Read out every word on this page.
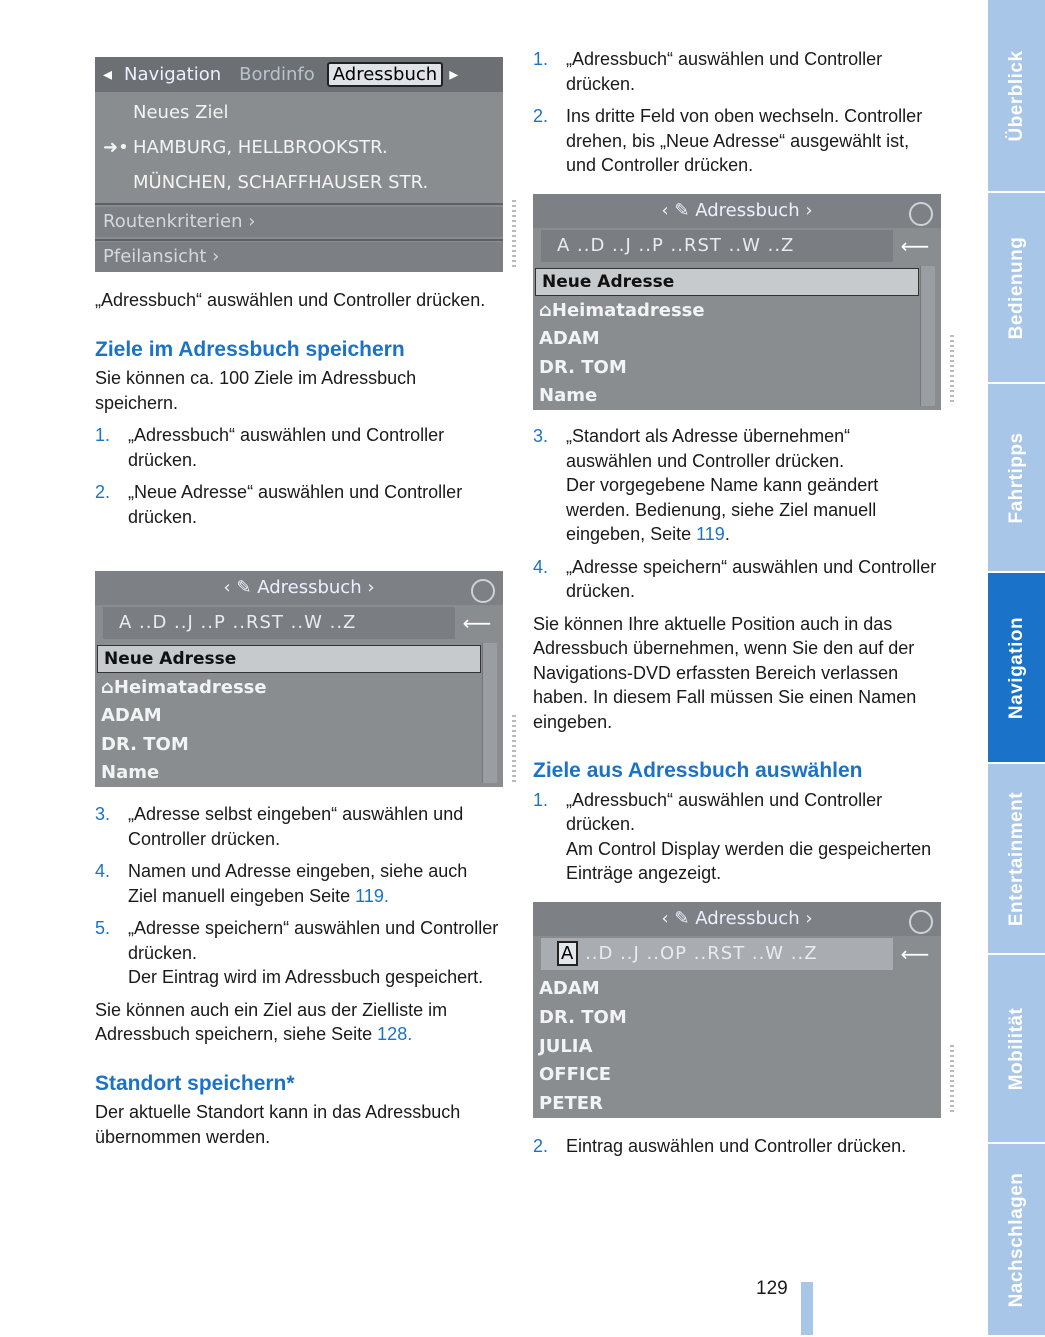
◂ Navigation	Bordinfo	Adressbuch ▸
Neues Ziel
➜• HAMBURG, HELLBROOKSTR.
MÜNCHEN, SCHAFFHAUSER STR.
Routenkriterien ›
Pfeilansicht ›

„Adressbuch“ auswählen und Controller drücken.

Ziele im Adressbuch speichern

Sie können ca. 100 Ziele im Adressbuch speichern.

1. „Adressbuch“ auswählen und Controller drücken.
2. „Neue Adresse“ auswählen und Controller drücken.
‹ ✎ Adressbuch ›
A ..D ..J ..P ..RST ..W ..Z	⟵
Neue Adresse
⌂Heimatadresse
ADAM
DR. TOM
Name
3. „Adresse selbst eingeben“ auswählen und Controller drücken.
4. Namen und Adresse eingeben, siehe auch Ziel manuell eingeben Seite 119.
5. „Adresse speichern“ auswählen und Controller drücken.
Der Eintrag wird im Adressbuch gespeichert.

Sie können auch ein Ziel aus der Zielliste im Adressbuch speichern, siehe Seite 128.

Standort speichern*

Der aktuelle Standort kann in das Adressbuch übernommen werden.

1. „Adressbuch“ auswählen und Controller drücken.
2. Ins dritte Feld von oben wechseln. Controller drehen, bis „Neue Adresse“ ausgewählt ist, und Controller drücken.
‹ ✎ Adressbuch ›
A ..D ..J ..P ..RST ..W ..Z	⟵
Neue Adresse
⌂Heimatadresse
ADAM
DR. TOM
Name
3. „Standort als Adresse übernehmen“ auswählen und Controller drücken.
Der vorgegebene Name kann geändert werden. Bedienung, siehe Ziel manuell eingeben, Seite 119.
4. „Adresse speichern“ auswählen und Controller drücken.

Sie können Ihre aktuelle Position auch in das Adressbuch übernehmen, wenn Sie den auf der Navigations-DVD erfassten Bereich verlassen haben. In diesem Fall müssen Sie einen Namen eingeben.

Ziele aus Adressbuch auswählen

1. „Adressbuch“ auswählen und Controller drücken.
Am Control Display werden die gespeicherten Einträge angezeigt.
‹ ✎ Adressbuch ›
A ..D ..J ..OP ..RST ..W ..Z	⟵
ADAM
DR. TOM
JULIA
OFFICE
PETER
2. Eintrag auswählen und Controller drücken.
Überblick
Bedienung
Fahrtipps
Navigation
Entertainment
Mobilität
Nachschlagen
129
